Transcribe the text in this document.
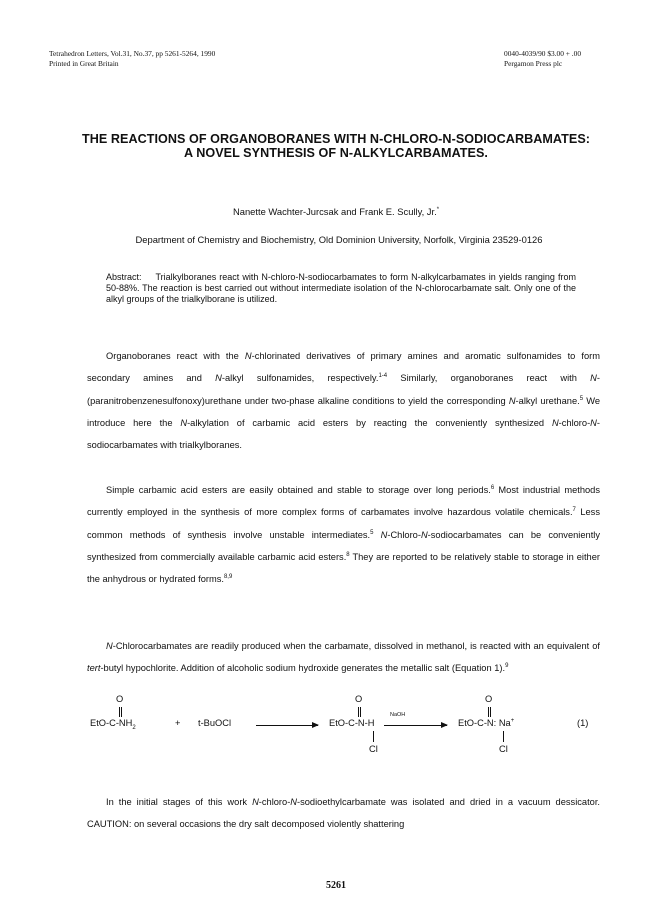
Tetrahedron Letters, Vol.31, No.37, pp 5261-5264, 1990
Printed in Great Britain
0040-4039/90 $3.00 + .00
Pergamon Press plc
THE REACTIONS OF ORGANOBORANES WITH N-CHLORO-N-SODIOCARBAMATES:
A NOVEL SYNTHESIS OF N-ALKYLCARBAMATES.
Nanette Wachter-Jurcsak and Frank E. Scully, Jr.*
Department of Chemistry and Biochemistry, Old Dominion University, Norfolk, Virginia 23529-0126
Abstract: Trialkylboranes react with N-chloro-N-sodiocarbamates to form N-alkylcarbamates in yields ranging from 50-88%. The reaction is best carried out without intermediate isolation of the N-chlorocarbamate salt. Only one of the alkyl groups of the trialkylborane is utilized.

Organoboranes react with the N-chlorinated derivatives of primary amines and aromatic sulfonamides to form secondary amines and N-alkyl sulfonamides, respectively.$^{1-4}$ Similarly, organoboranes react with N-(paranitrobenzenesulfonoxy)urethane under two-phase alkaline conditions to yield the corresponding N-alkyl urethane.$^5$ We introduce here the N-alkylation of carbamic acid esters by reacting the conveniently synthesized N-chloro-N-sodiocarbamates with trialkylboranes.

Simple carbamic acid esters are easily obtained and stable to storage over long periods.$^6$ Most industrial methods currently employed in the synthesis of more complex forms of carbamates involve hazardous volatile chemicals.$^7$ Less common methods of synthesis involve unstable intermediates.$^5$ N-Chloro-N-sodiocarbamates can be conveniently synthesized from commercially available carbamic acid esters.$^8$ They are reported to be relatively stable to storage in either the anhydrous or hydrated forms.$^{8,9}$

N-Chlorocarbamates are readily produced when the carbamate, dissolved in methanol, is reacted with an equivalent of tert-butyl hypochlorite. Addition of alcoholic sodium hydroxide generates the metallic salt (Equation 1).$^9$

O
EtO-$C-NH_2$	+ t-BuOCl
O
EtO-C-N-H
Cl
NaOH
O
EtO-C-N: Na+
Cl
(1)

In the initial stages of this work N-chloro-N-sodioethylcarbamate was isolated and dried in a vacuum dessicator. CAUTION: on several occasions the dry salt decomposed violently shattering

5261
